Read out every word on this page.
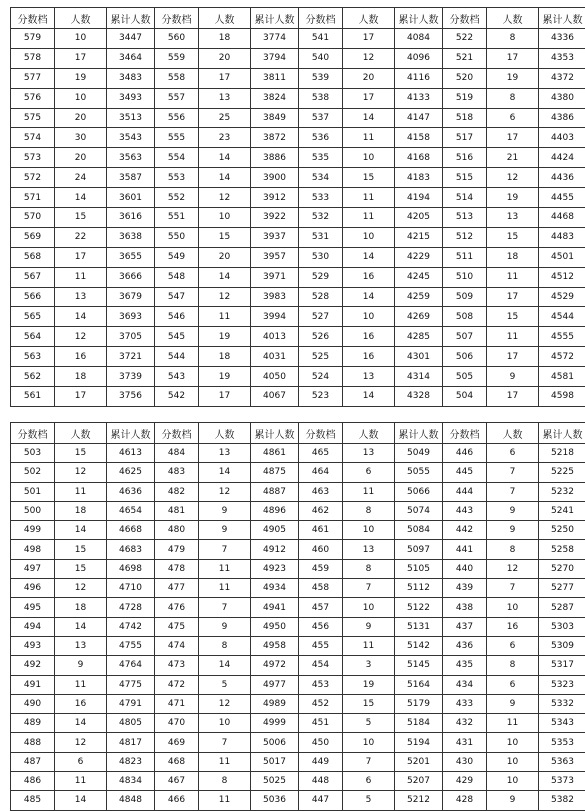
分数档	人数	累计人数	分数档	人数	累计人数	分数档	人数	累计人数	分数档	人数	累计人数
579	10	3447	560	18	3774	541	17	4084	522	8	4336
578	17	3464	559	20	3794	540	12	4096	521	17	4353
577	19	3483	558	17	3811	539	20	4116	520	19	4372
576	10	3493	557	13	3824	538	17	4133	519	8	4380
575	20	3513	556	25	3849	537	14	4147	518	6	4386
574	30	3543	555	23	3872	536	11	4158	517	17	4403
573	20	3563	554	14	3886	535	10	4168	516	21	4424
572	24	3587	553	14	3900	534	15	4183	515	12	4436
571	14	3601	552	12	3912	533	11	4194	514	19	4455
570	15	3616	551	10	3922	532	11	4205	513	13	4468
569	22	3638	550	15	3937	531	10	4215	512	15	4483
568	17	3655	549	20	3957	530	14	4229	511	18	4501
567	11	3666	548	14	3971	529	16	4245	510	11	4512
566	13	3679	547	12	3983	528	14	4259	509	17	4529
565	14	3693	546	11	3994	527	10	4269	508	15	4544
564	12	3705	545	19	4013	526	16	4285	507	11	4555
563	16	3721	544	18	4031	525	16	4301	506	17	4572
562	18	3739	543	19	4050	524	13	4314	505	9	4581
561	17	3756	542	17	4067	523	14	4328	504	17	4598
分数档	人数	累计人数	分数档	人数	累计人数	分数档	人数	累计人数	分数档	人数	累计人数
503	15	4613	484	13	4861	465	13	5049	446	6	5218
502	12	4625	483	14	4875	464	6	5055	445	7	5225
501	11	4636	482	12	4887	463	11	5066	444	7	5232
500	18	4654	481	9	4896	462	8	5074	443	9	5241
499	14	4668	480	9	4905	461	10	5084	442	9	5250
498	15	4683	479	7	4912	460	13	5097	441	8	5258
497	15	4698	478	11	4923	459	8	5105	440	12	5270
496	12	4710	477	11	4934	458	7	5112	439	7	5277
495	18	4728	476	7	4941	457	10	5122	438	10	5287
494	14	4742	475	9	4950	456	9	5131	437	16	5303
493	13	4755	474	8	4958	455	11	5142	436	6	5309
492	9	4764	473	14	4972	454	3	5145	435	8	5317
491	11	4775	472	5	4977	453	19	5164	434	6	5323
490	16	4791	471	12	4989	452	15	5179	433	9	5332
489	14	4805	470	10	4999	451	5	5184	432	11	5343
488	12	4817	469	7	5006	450	10	5194	431	10	5353
487	6	4823	468	11	5017	449	7	5201	430	10	5363
486	11	4834	467	8	5025	448	6	5207	429	10	5373
485	14	4848	466	11	5036	447	5	5212	428	9	5382
